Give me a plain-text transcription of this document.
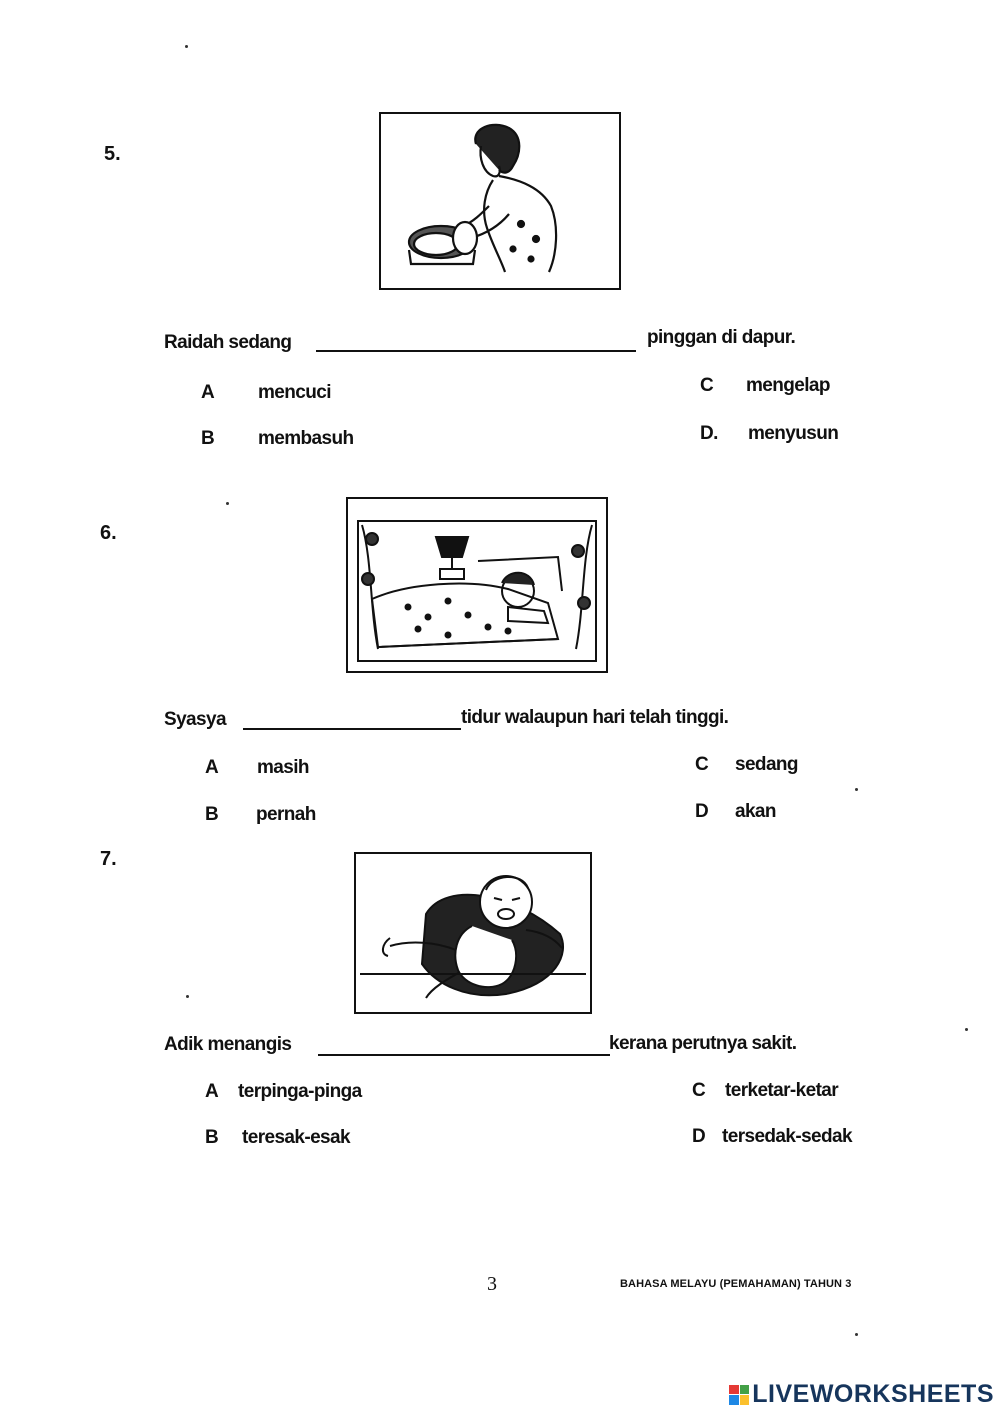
5.
Raidah sedang	pinggan di dapur.
A mencuci
B membasuh
C mengelap
D. menyusun
6.
Syasya	tidur walaupun hari telah tinggi.
A masih
B pernah
C sedang
D akan
7.
Adik menangis	kerana perutnya sakit.
A terpinga-pinga
B teresak-esak
C terketar-ketar
D tersedak-sedak
3	BAHASA MELAYU (PEMAHAMAN) TAHUN 3
LIVEWORKSHEETS
